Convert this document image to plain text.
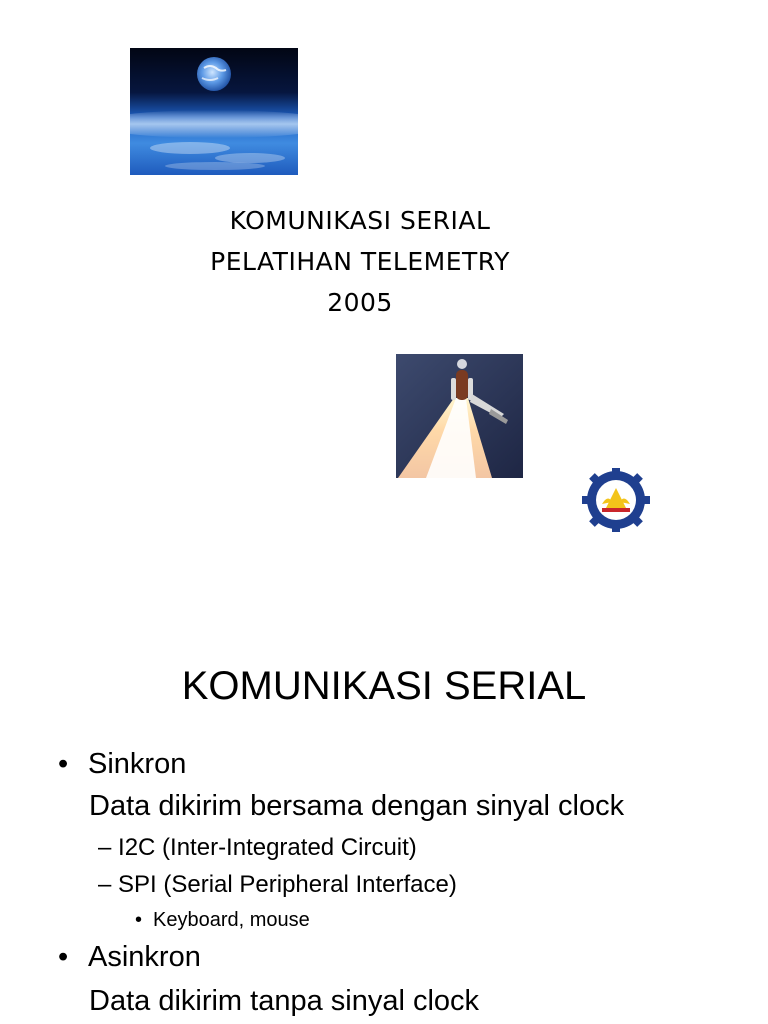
KOMUNIKASI SERIAL
PELATIHAN TELEMETRY
2005
KOMUNIKASI SERIAL
• Sinkron
Data dikirim bersama dengan sinyal clock
– I2C (Inter-Integrated Circuit)
– SPI (Serial Peripheral Interface)
• Keyboard, mouse
• Asinkron
Data dikirim tanpa sinyal clock
